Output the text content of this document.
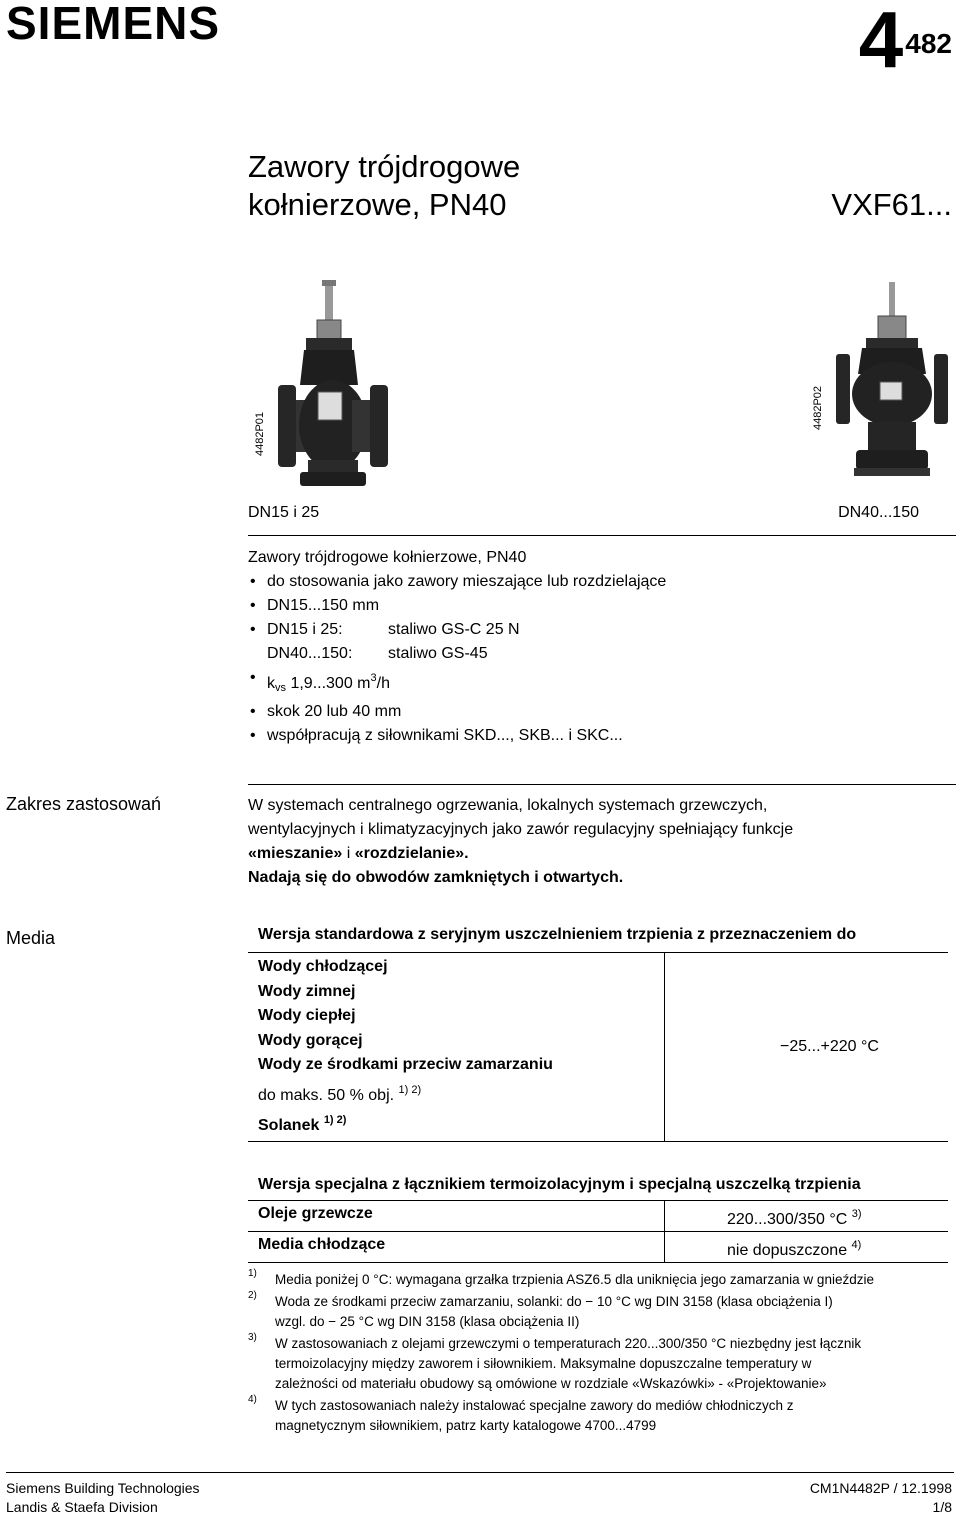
SIEMENS	$4^{482}$
Zawory trójdrogowe
kołnierzowe, PN40	VXF61...
4482P01
4482P02
DN15 i 25	DN40...150
Zawory trójdrogowe kołnierzowe, PN40
• do stosowania jako zawory mieszające lub rozdzielające
• DN15...150 mm
• DN15 i 25:	staliwo GS-C 25 N
DN40...150: staliwo GS-45
• kvs 1,9...300 $m^3/h$
• skok 20 lub 40 mm
• współpracują z siłownikami SKD..., SKB... i SKC...
Zakres zastosowań	W systemach centralnego ogrzewania, lokalnych systemach grzewczych,
wentylacyjnych i klimatyzacyjnych jako zawór regulacyjny spełniający funkcje
«mieszanie» i «rozdzielanie».
Nadają się do obwodów zamkniętych i otwartych.
Media	Wersja standardowa z seryjnym uszczelnieniem trzpienia z przeznaczeniem do
Wody chłodzącej
Wody zimnej
Wody ciepłej
Wody gorącej
Wody ze środkami przeciw zamarzaniu
do maks. 50 % obj. $^{1) 2)}$
Solanek $^{1) 2)}$
	−25...+220 °C
Wersja specjalna z łącznikiem termoizolacyjnym i specjalną uszczelką trzpienia
Oleje grzewcze	220...300/350 °C $^{3)}$
Media chłodzące	nie dopuszczone $^{4)}$
1) Media poniżej 0 °C: wymagana grzałka trzpienia ASZ6.5 dla uniknięcia jego zamarzania w gnieździe
2) Woda ze środkami przeciw zamarzaniu, solanki: do − 10 °C wg DIN 3158 (klasa obciążenia I)
wzgl. do − 25 °C wg DIN 3158 (klasa obciążenia II)
3) W zastosowaniach z olejami grzewczymi o temperaturach 220...300/350 °C niezbędny jest łącznik
termoizolacyjny między zaworem i siłownikiem. Maksymalne dopuszczalne temperatury w
zależności od materiału obudowy są omówione w rozdziale «Wskazówki» - «Projektowanie»
4) W tych zastosowaniach należy instalować specjalne zawory do mediów chłodniczych z
magnetycznym siłownikiem, patrz karty katalogowe 4700...4799
Siemens Building Technologies
Landis & Staefa Division
CM1N4482P / 12.1998
1/8
